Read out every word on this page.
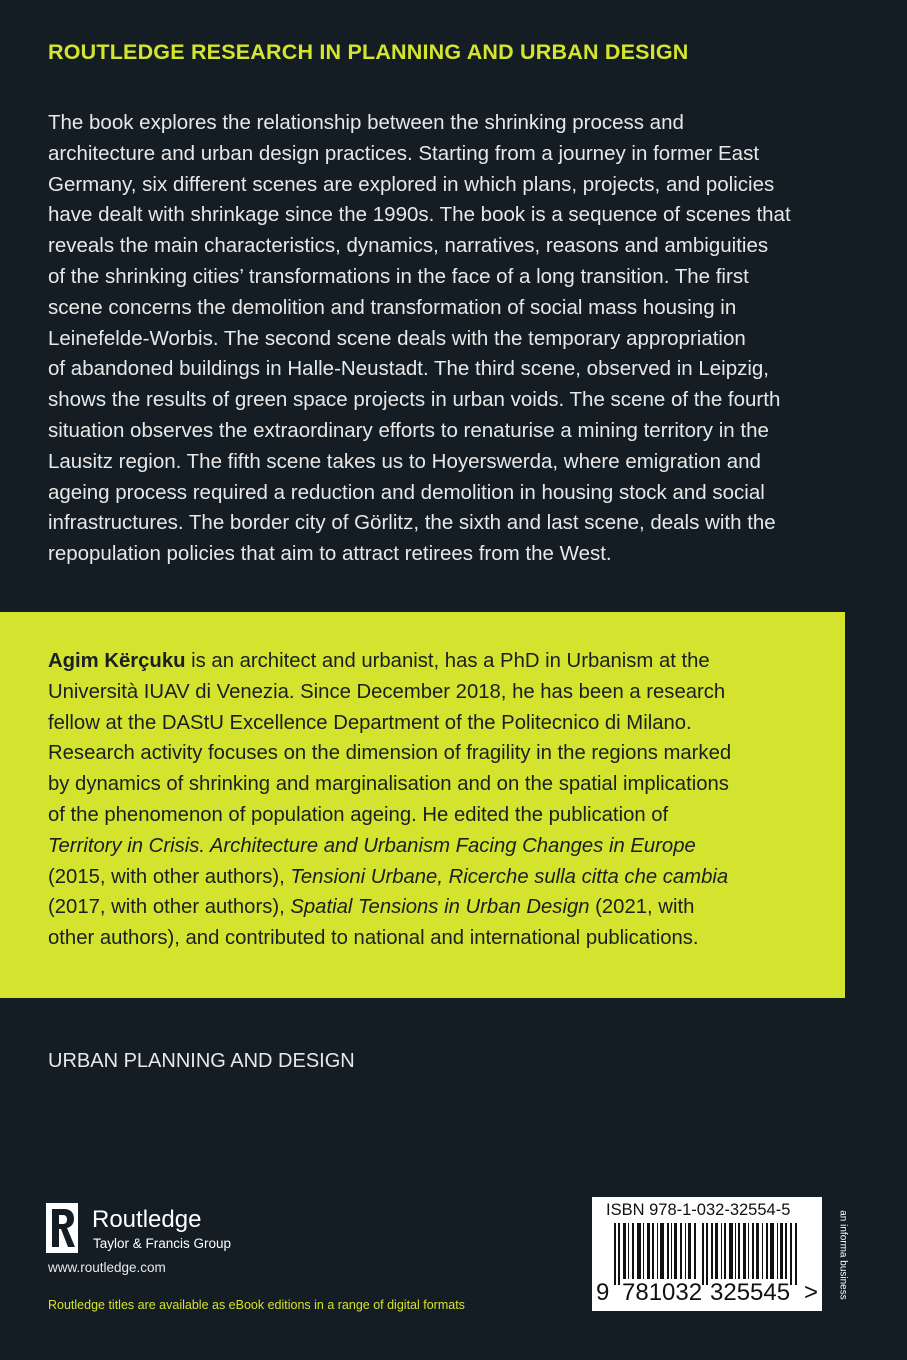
ROUTLEDGE RESEARCH IN PLANNING AND URBAN DESIGN
The book explores the relationship between the shrinking process and
architecture and urban design practices. Starting from a journey in former East
Germany, six different scenes are explored in which plans, projects, and policies
have dealt with shrinkage since the 1990s. The book is a sequence of scenes that
reveals the main characteristics, dynamics, narratives, reasons and ambiguities
of the shrinking cities’ transformations in the face of a long transition. The first
scene concerns the demolition and transformation of social mass housing in
Leinefelde-Worbis. The second scene deals with the temporary appropriation
of abandoned buildings in Halle-Neustadt. The third scene, observed in Leipzig,
shows the results of green space projects in urban voids. The scene of the fourth
situation observes the extraordinary efforts to renaturise a mining territory in the
Lausitz region. The fifth scene takes us to Hoyerswerda, where emigration and
ageing process required a reduction and demolition in housing stock and social
infrastructures. The border city of Görlitz, the sixth and last scene, deals with the
repopulation policies that aim to attract retirees from the West.
Agim Kërçuku is an architect and urbanist, has a PhD in Urbanism at the
Università IUAV di Venezia. Since December 2018, he has been a research
fellow at the DAStU Excellence Department of the Politecnico di Milano.
Research activity focuses on the dimension of fragility in the regions marked
by dynamics of shrinking and marginalisation and on the spatial implications
of the phenomenon of population ageing. He edited the publication of
Territory in Crisis. Architecture and Urbanism Facing Changes in Europe
(2015, with other authors), Tensioni Urbane, Ricerche sulla citta che cambia
(2017, with other authors), Spatial Tensions in Urban Design (2021, with
other authors), and contributed to national and international publications.
URBAN PLANNING AND DESIGN
Routledge
Taylor & Francis Group
www.routledge.com
Routledge titles are available as eBook editions in a range of digital formats
ISBN 978-1-032-32554-5
9 781032 325545 > an informa business
